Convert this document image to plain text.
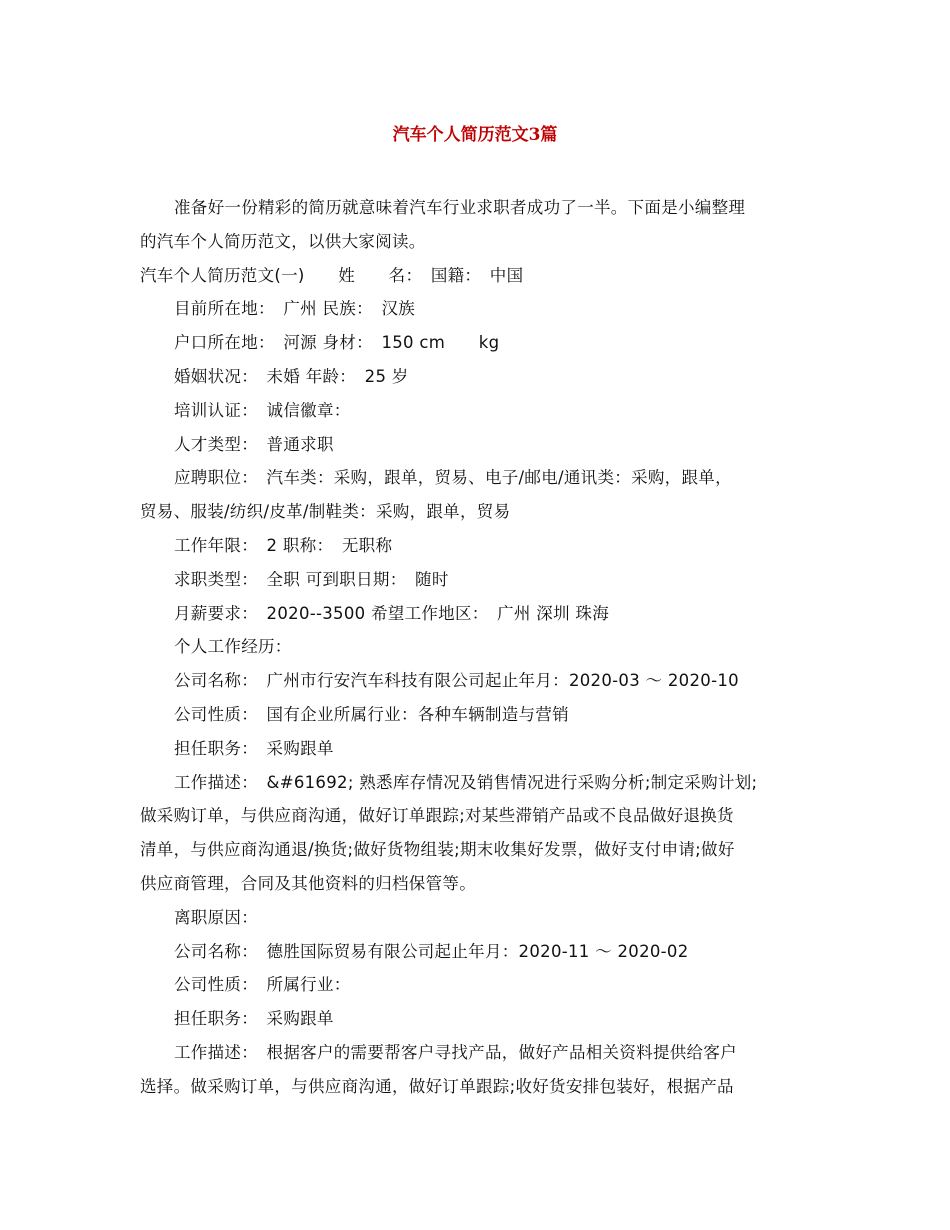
汽车个人简历范文3篇

准备好一份精彩的简历就意味着汽车行业求职者成功了一半。下面是小编整理

的汽车个人简历范文，以供大家阅读。

汽车个人简历范文(一)　　姓　　名：　国籍：　中国

目前所在地：　广州 民族：　汉族

户口所在地：　河源 身材：　150 cm　　kg

婚姻状况：　未婚 年龄：　25 岁

培训认证：　诚信徽章：

人才类型：　普通求职

应聘职位：　汽车类：采购，跟单，贸易、电子/邮电/通讯类：采购，跟单，

贸易、服装/纺织/皮革/制鞋类：采购，跟单，贸易

工作年限：　2 职称：　无职称

求职类型：　全职 可到职日期：　随时

月薪要求：　2020--3500 希望工作地区：　广州 深圳 珠海

个人工作经历：

公司名称：　广州市行安汽车科技有限公司起止年月：2020-03 ～ 2020-10

公司性质：　国有企业所属行业：各种车辆制造与营销

担任职务：　采购跟单

工作描述：　&#61692; 熟悉库存情况及销售情况进行采购分析;制定采购计划;

做采购订单，与供应商沟通，做好订单跟踪;对某些滞销产品或不良品做好退换货

清单，与供应商沟通退/换货;做好货物组装;期末收集好发票，做好支付申请;做好

供应商管理，合同及其他资料的归档保管等。

离职原因：

公司名称：　德胜国际贸易有限公司起止年月：2020-11 ～ 2020-02

公司性质：　所属行业：

担任职务：　采购跟单

工作描述：　根据客户的需要帮客户寻找产品，做好产品相关资料提供给客户

选择。做采购订单，与供应商沟通，做好订单跟踪;收好货安排包装好，根据产品
